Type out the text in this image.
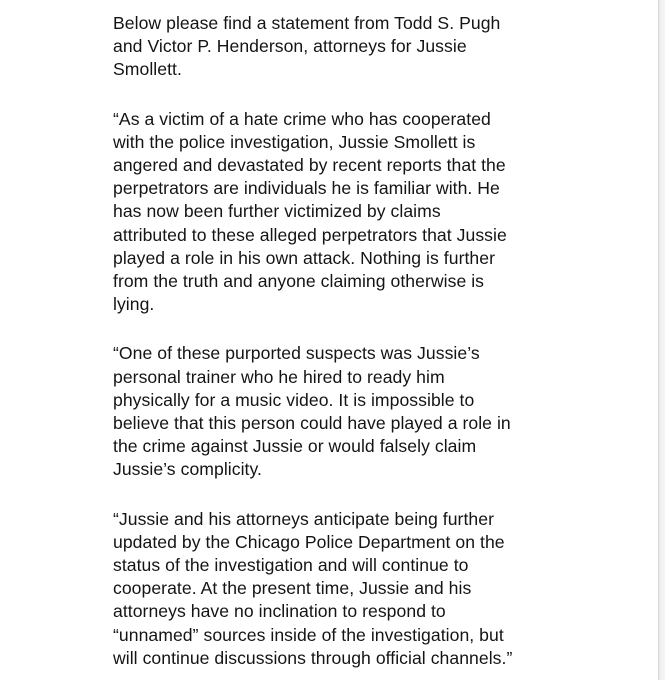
Below please find a statement from Todd S. Pugh
and Victor P. Henderson, attorneys for Jussie
Smollett.

“As a victim of a hate crime who has cooperated
with the police investigation, Jussie Smollett is
angered and devastated by recent reports that the
perpetrators are individuals he is familiar with. He
has now been further victimized by claims
attributed to these alleged perpetrators that Jussie
played a role in his own attack. Nothing is further
from the truth and anyone claiming otherwise is
lying.

“One of these purported suspects was Jussie’s
personal trainer who he hired to ready him
physically for a music video. It is impossible to
believe that this person could have played a role in
the crime against Jussie or would falsely claim
Jussie’s complicity.

“Jussie and his attorneys anticipate being further
updated by the Chicago Police Department on the
status of the investigation and will continue to
cooperate. At the present time, Jussie and his
attorneys have no inclination to respond to
“unnamed” sources inside of the investigation, but
will continue discussions through official channels.”
